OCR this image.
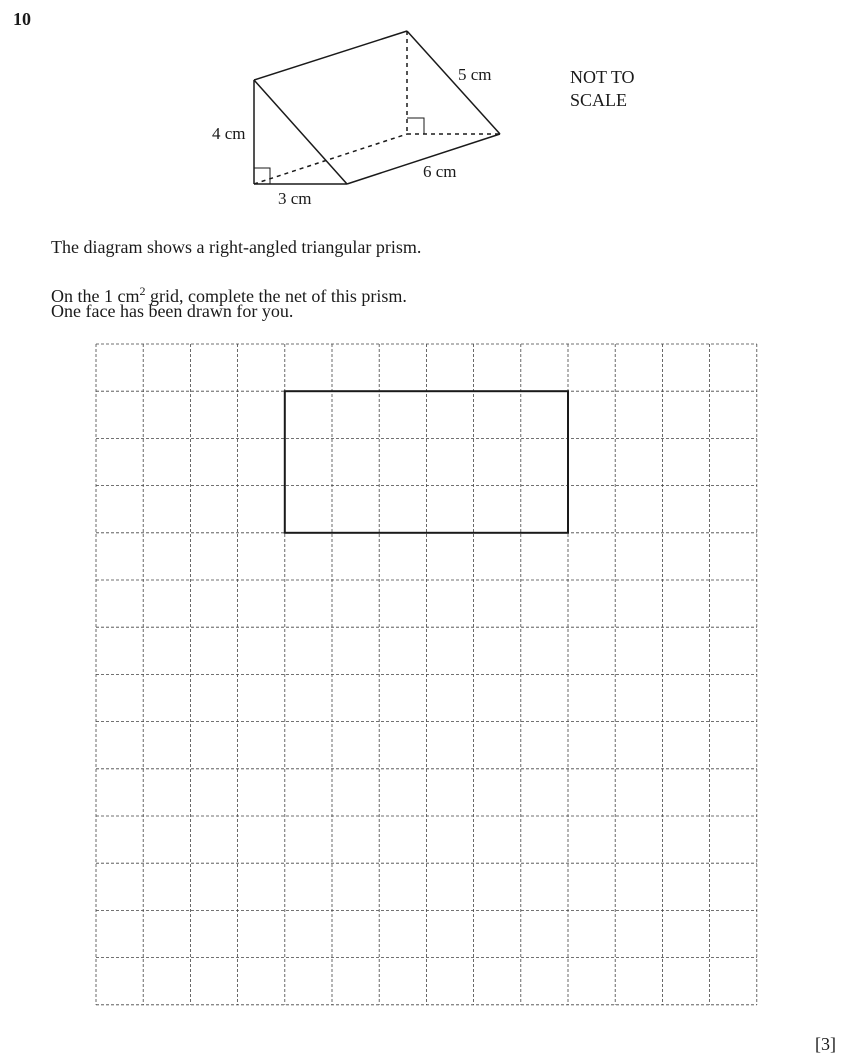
10
4 cm
3 cm
6 cm
5 cm	NOT TO
SCALE
The diagram shows a right-angled triangular prism.
On the 1 $cm^2$ grid, complete the net of this prism.
One face has been drawn for you.
[3]
